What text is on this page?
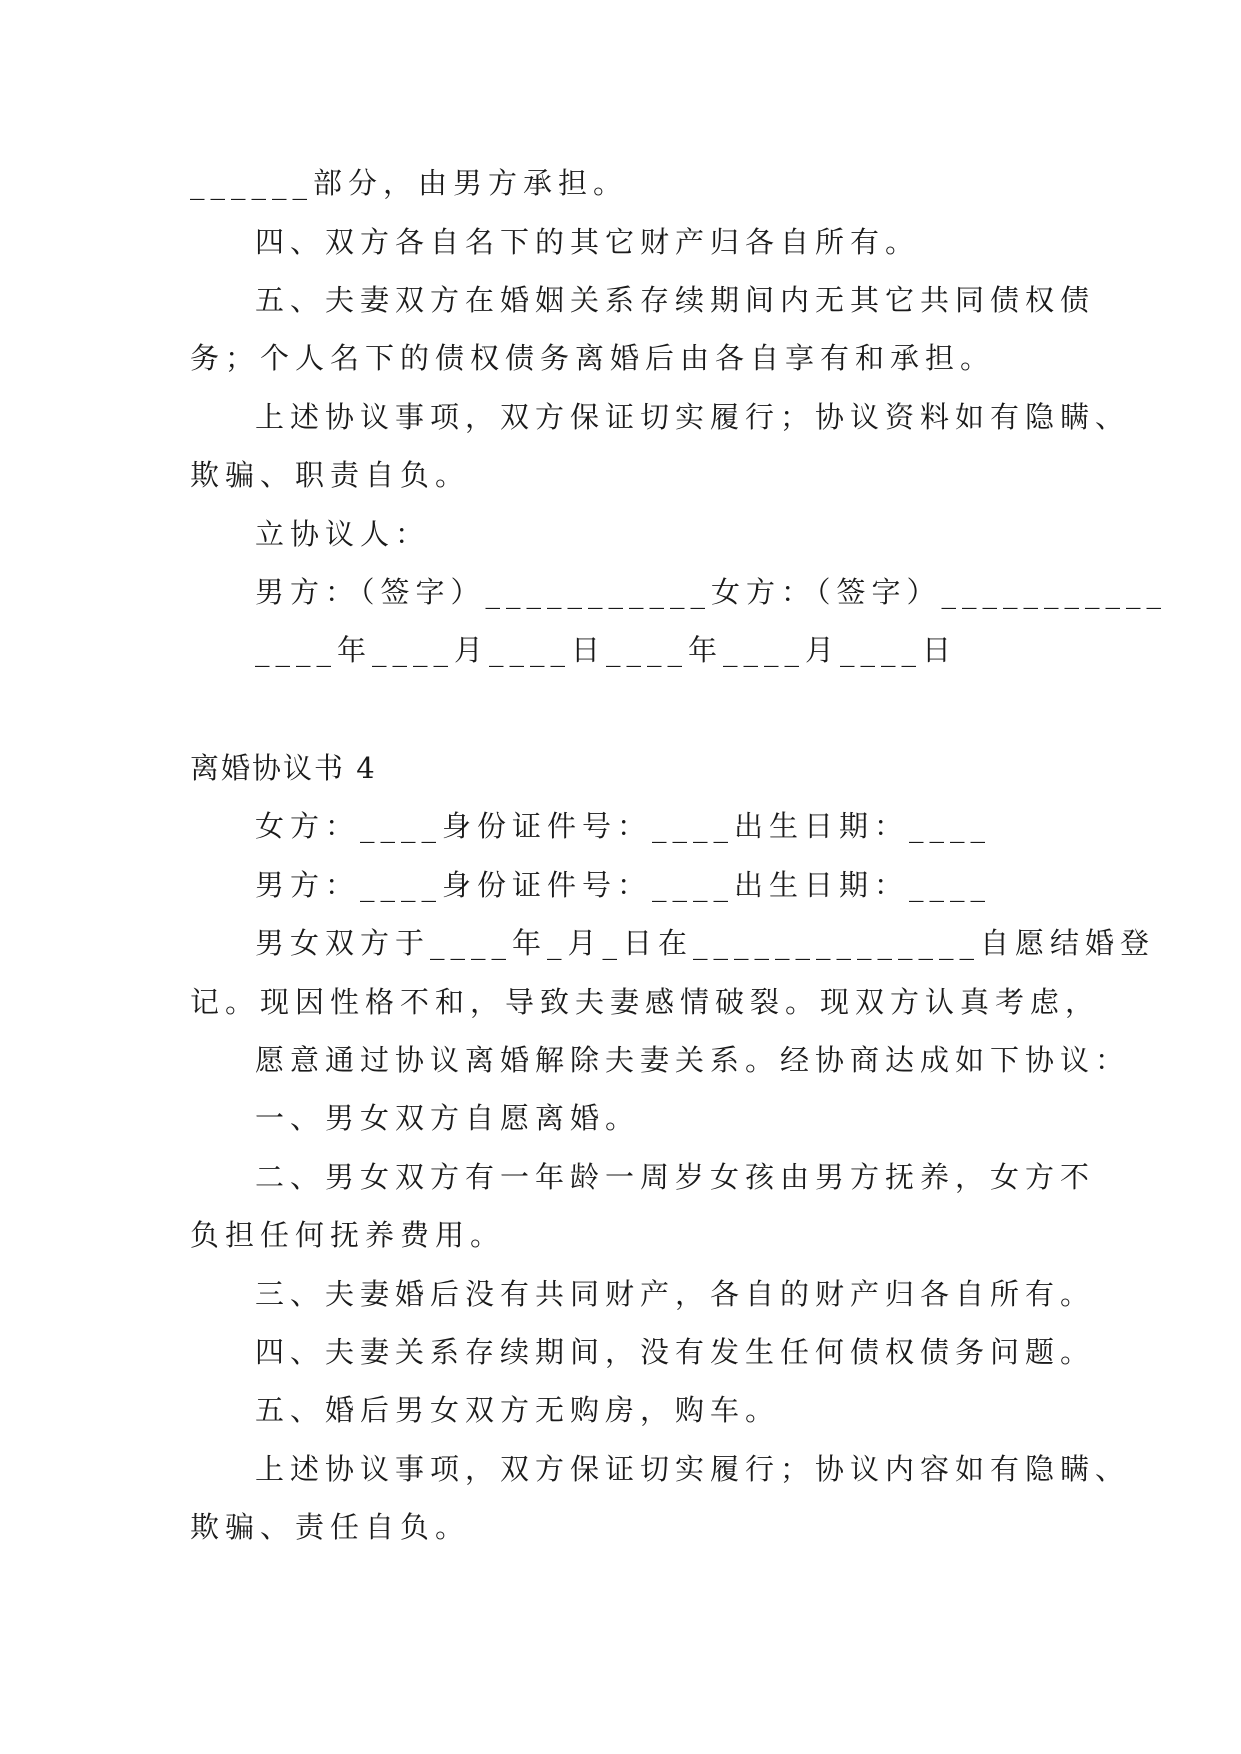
______部分，由男方承担。
四、双方各自名下的其它财产归各自所有。
五、夫妻双方在婚姻关系存续期间内无其它共同债权债
务；个人名下的债权债务离婚后由各自享有和承担。
上述协议事项，双方保证切实履行；协议资料如有隐瞒、
欺骗、职责自负。
立协议人：
男方：（签字）___________女方：（签字）___________
____年____月____日____年____月____日
离婚协议书 4
女方：____身份证件号：____出生日期：____
男方：____身份证件号：____出生日期：____
男女双方于____年_月_日在______________自愿结婚登
记。现因性格不和，导致夫妻感情破裂。现双方认真考虑，
愿意通过协议离婚解除夫妻关系。经协商达成如下协议：
一、男女双方自愿离婚。
二、男女双方有一年龄一周岁女孩由男方抚养，女方不
负担任何抚养费用。
三、夫妻婚后没有共同财产，各自的财产归各自所有。
四、夫妻关系存续期间，没有发生任何债权债务问题。
五、婚后男女双方无购房，购车。
上述协议事项，双方保证切实履行；协议内容如有隐瞒、
欺骗、责任自负。
